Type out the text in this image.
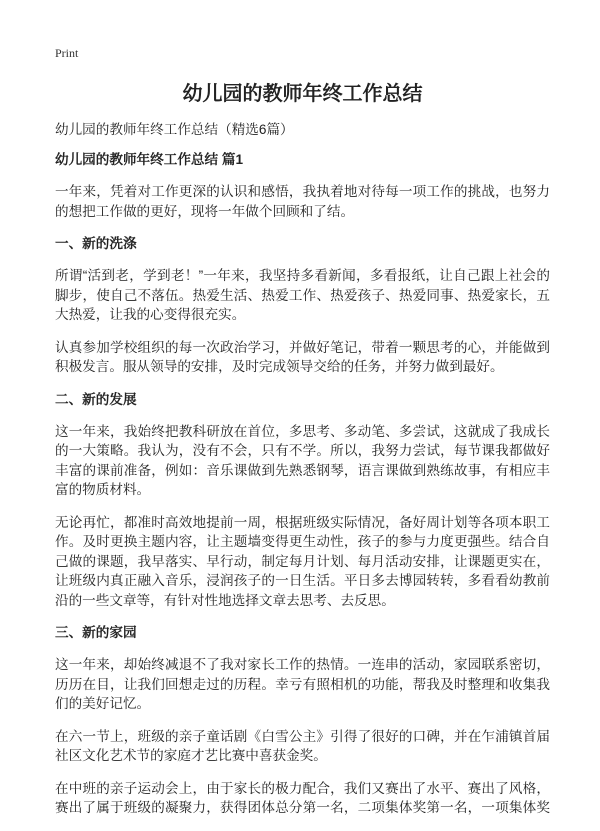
Print
幼儿园的教师年终工作总结
幼儿园的教师年终工作总结（精选6篇）
幼儿园的教师年终工作总结 篇1

一年来，凭着对工作更深的认识和感悟，我执着地对待每一项工作的挑战，也努力
的想把工作做的更好，现将一年做个回顾和了结。

一、新的洗涤

所谓“活到老，学到老！”一年来，我坚持多看新闻，多看报纸，让自己跟上社会的
脚步，使自己不落伍。热爱生活、热爱工作、热爱孩子、热爱同事、热爱家长，五
大热爱，让我的心变得很充实。

认真参加学校组织的每一次政治学习，并做好笔记，带着一颗思考的心，并能做到
积极发言。服从领导的安排，及时完成领导交给的任务，并努力做到最好。

二、新的发展

这一年来，我始终把教科研放在首位，多思考、多动笔、多尝试，这就成了我成长
的一大策略。我认为，没有不会，只有不学。所以，我努力尝试，每节课我都做好
丰富的课前准备，例如：音乐课做到先熟悉钢琴，语言课做到熟练故事，有相应丰
富的物质材料。

无论再忙，都准时高效地提前一周，根据班级实际情况，备好周计划等各项本职工
作。及时更换主题内容，让主题墙变得更生动性，孩子的参与力度更强些。结合自
己做的课题，我早落实、早行动，制定每月计划、每月活动安排，让课题更实在，
让班级内真正融入音乐，浸润孩子的一日生活。平日多去博园转转，多看看幼教前
沿的一些文章等，有针对性地选择文章去思考、去反思。

三、新的家园

这一年来，却始终减退不了我对家长工作的热情。一连串的活动，家园联系密切，
历历在目，让我们回想走过的历程。幸亏有照相机的功能，帮我及时整理和收集我
们的美好记忆。

在六一节上，班级的亲子童话剧《白雪公主》引得了很好的口碑，并在乍浦镇首届
社区文化艺术节的家庭才艺比赛中喜获金奖。

在中班的亲子运动会上，由于家长的极力配合，我们又赛出了水平、赛出了风格，
赛出了属于班级的凝聚力，获得团体总分第一名，二项集体奖第一名，一项集体奖
